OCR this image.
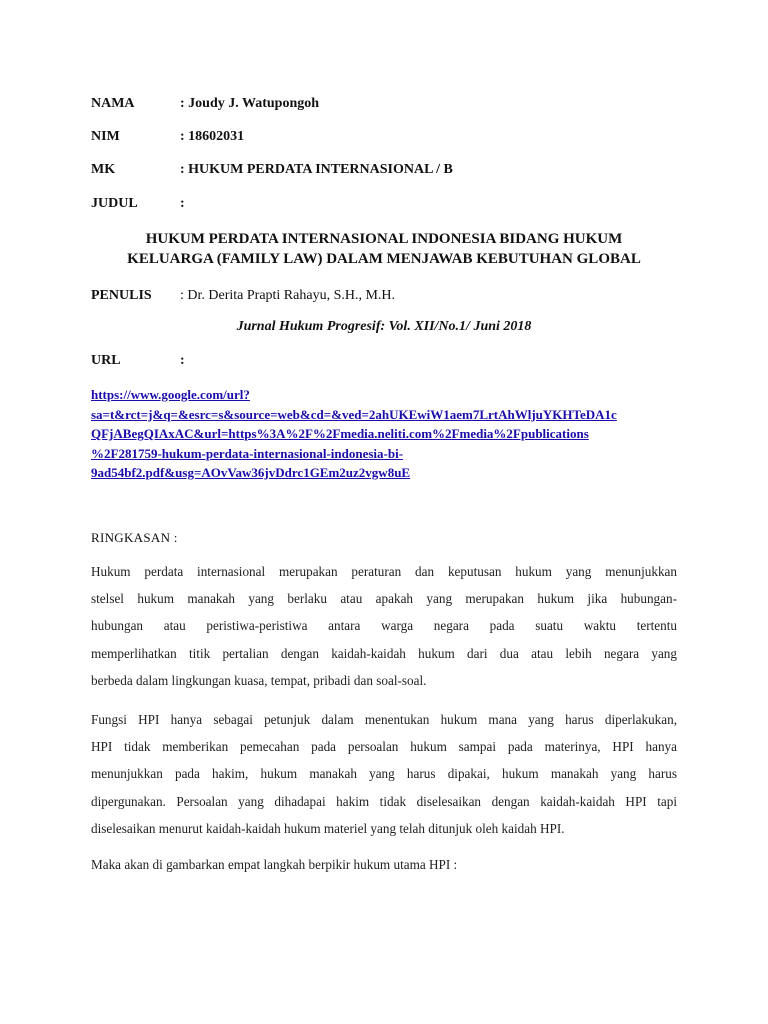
NAMA	: Joudy J. Watupongoh
NIM	: 18602031
MK	: HUKUM PERDATA INTERNASIONAL / B
JUDUL	:
HUKUM PERDATA INTERNASIONAL INDONESIA BIDANG HUKUM
KELUARGA (FAMILY LAW) DALAM MENJAWAB KEBUTUHAN GLOBAL
PENULIS : Dr. Derita Prapti Rahayu, S.H., M.H.
Jurnal Hukum Progresif: Vol. XII/No.1/ Juni 2018
URL	:
https://www.google.com/url?
sa=t&rct=j&q=&esrc=s&source=web&cd=&ved=2ahUKEwiW1aem7LrtAhWljuYKHTeDA1c
QFjABegQIAxAC&url=https%3A%2F%2Fmedia.neliti.com%2Fmedia%2Fpublications
%2F281759-hukum-perdata-internasional-indonesia-bi-
9ad54bf2.pdf&usg=AOvVaw36jvDdrc1GEm2uz2vgw8uE
RINGKASAN :
Hukum perdata internasional merupakan peraturan dan keputusan hukum yang menunjukkan
stelsel hukum manakah yang berlaku atau apakah yang merupakan hukum jika hubungan-
hubungan atau peristiwa-peristiwa antara warga negara pada suatu waktu tertentu
memperlihatkan titik pertalian dengan kaidah-kaidah hukum dari dua atau lebih negara yang
berbeda dalam lingkungan kuasa, tempat, pribadi dan soal-soal.
Fungsi HPI hanya sebagai petunjuk dalam menentukan hukum mana yang harus diperlakukan,
HPI tidak memberikan pemecahan pada persoalan hukum sampai pada materinya, HPI hanya
menunjukkan pada hakim, hukum manakah yang harus dipakai, hukum manakah yang harus
dipergunakan. Persoalan yang dihadapai hakim tidak diselesaikan dengan kaidah-kaidah HPI tapi
diselesaikan menurut kaidah-kaidah hukum materiel yang telah ditunjuk oleh kaidah HPI.
Maka akan di gambarkan empat langkah berpikir hukum utama HPI :
